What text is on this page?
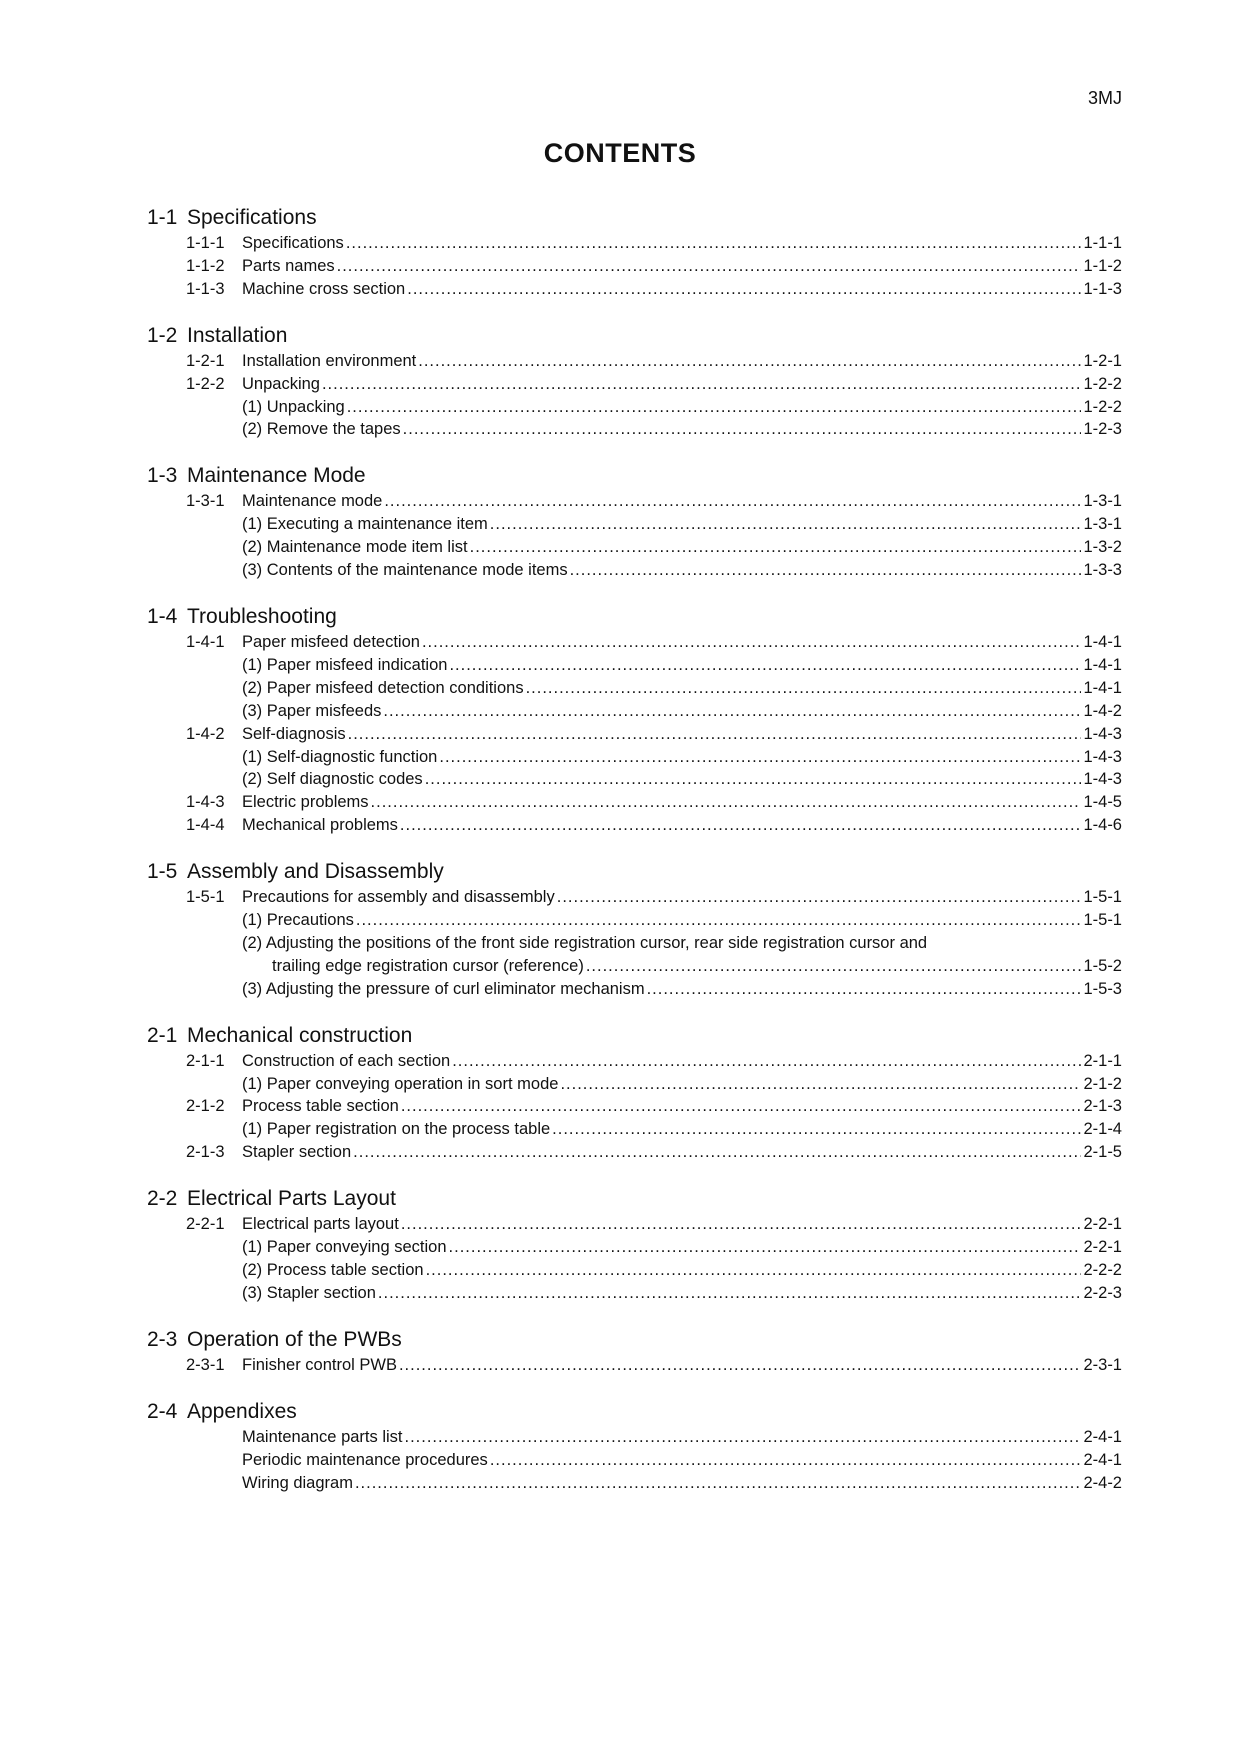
3MJ
CONTENTS
1-1 Specifications
1-1-1	Specifications .....	1-1-1
1-1-2	Parts names .....	1-1-2
1-1-3	Machine cross section .....	1-1-3
1-2 Installation
1-2-1	Installation environment .....	1-2-1
1-2-2	Unpacking .....	1-2-2
(1) Unpacking .....	1-2-2
(2) Remove the tapes .....	1-2-3
1-3 Maintenance Mode
1-3-1	Maintenance mode .....	1-3-1
(1) Executing a maintenance item .....	1-3-1
(2) Maintenance mode item list .....	1-3-2
(3) Contents of the maintenance mode items .....	1-3-3
1-4 Troubleshooting
1-4-1	Paper misfeed detection .....	1-4-1
(1) Paper misfeed indication .....	1-4-1
(2) Paper misfeed detection conditions .....	1-4-1
(3) Paper misfeeds .....	1-4-2
1-4-2	Self-diagnosis .....	1-4-3
(1) Self-diagnostic function .....	1-4-3
(2) Self diagnostic codes .....	1-4-3
1-4-3	Electric problems .....	1-4-5
1-4-4	Mechanical problems .....	1-4-6
1-5 Assembly and Disassembly
1-5-1	Precautions for assembly and disassembly .....	1-5-1
(1) Precautions .....	1-5-1
(2) Adjusting the positions of the front side registration cursor, rear side registration cursor and
trailing edge registration cursor (reference) .....	1-5-2
(3) Adjusting the pressure of curl eliminator mechanism .....	1-5-3
2-1 Mechanical construction
2-1-1	Construction of each section .....	2-1-1
(1) Paper conveying operation in sort mode .....	2-1-2
2-1-2	Process table section .....	2-1-3
(1) Paper registration on the process table .....	2-1-4
2-1-3	Stapler section .....	2-1-5
2-2 Electrical Parts Layout
2-2-1	Electrical parts layout .....	2-2-1
(1) Paper conveying section .....	2-2-1
(2) Process table section .....	2-2-2
(3) Stapler section .....	2-2-3
2-3 Operation of the PWBs
2-3-1	Finisher control PWB .....	2-3-1
2-4 Appendixes
Maintenance parts list .....	2-4-1
Periodic maintenance procedures .....	2-4-1
Wiring diagram .....	2-4-2
